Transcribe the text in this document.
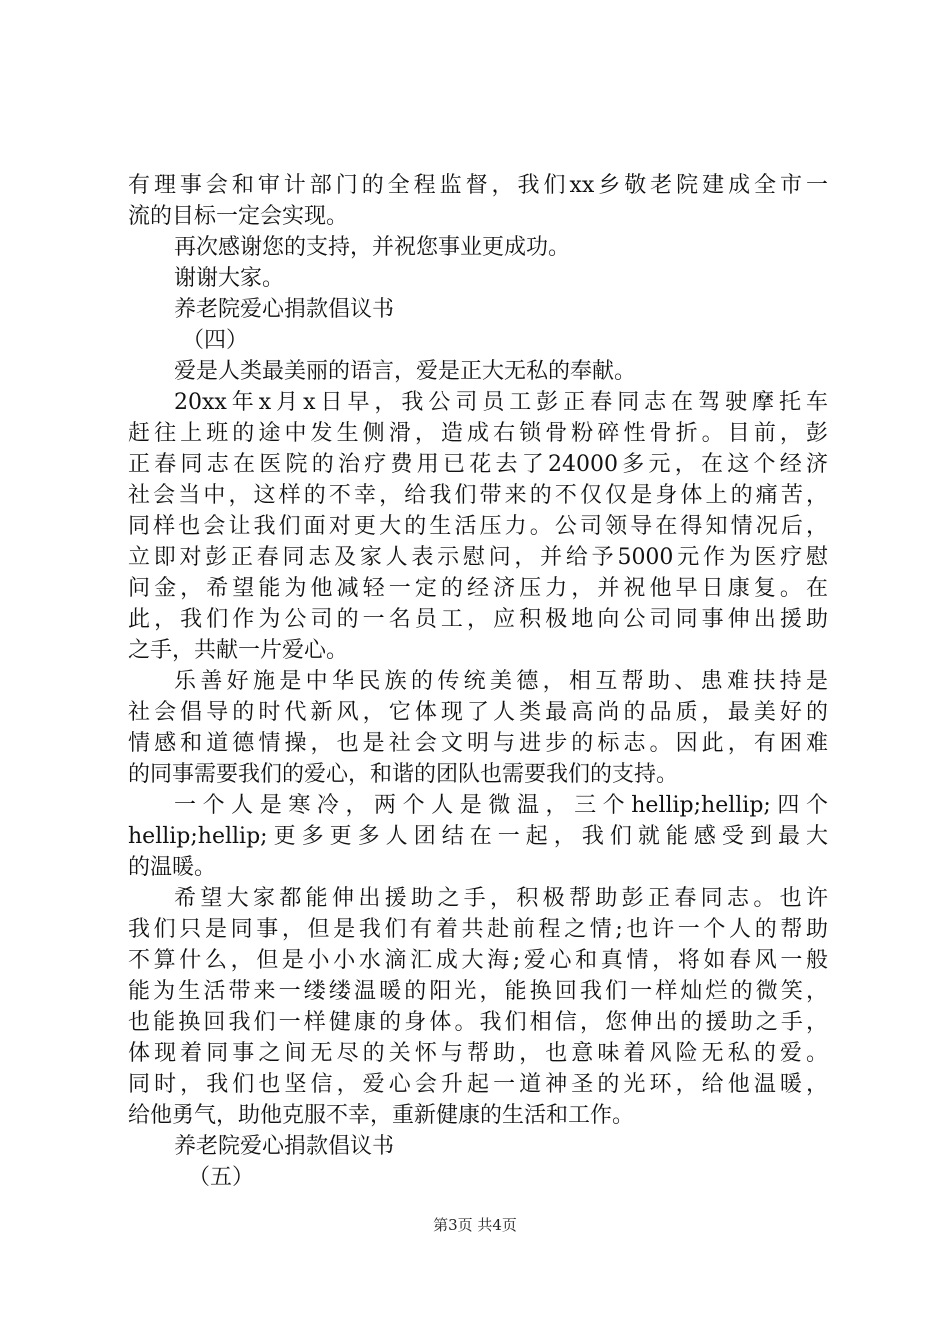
有理事会和审计部门的全程监督，我们xx乡敬老院建成全市一
流的目标一定会实现。
再次感谢您的支持，并祝您事业更成功。
谢谢大家。
养老院爱心捐款倡议书
（四）
爱是人类最美丽的语言，爱是正大无私的奉献。
20xx年x月x日早，我公司员工彭正春同志在驾驶摩托车
赶往上班的途中发生侧滑，造成右锁骨粉碎性骨折。目前，彭
正春同志在医院的治疗费用已花去了24000多元，在这个经济
社会当中，这样的不幸，给我们带来的不仅仅是身体上的痛苦，
同样也会让我们面对更大的生活压力。公司领导在得知情况后，
立即对彭正春同志及家人表示慰问，并给予5000元作为医疗慰
问金，希望能为他减轻一定的经济压力，并祝他早日康复。在
此，我们作为公司的一名员工，应积极地向公司同事伸出援助
之手，共献一片爱心。
乐善好施是中华民族的传统美德，相互帮助、患难扶持是
社会倡导的时代新风，它体现了人类最高尚的品质，最美好的
情感和道德情操，也是社会文明与进步的标志。因此，有困难
的同事需要我们的爱心，和谐的团队也需要我们的支持。
一个人是寒冷，两个人是微温，三个hellip;hellip;四个
hellip;hellip;更多更多人团结在一起，我们就能感受到最大
的温暖。
希望大家都能伸出援助之手，积极帮助彭正春同志。也许
我们只是同事，但是我们有着共赴前程之情;也许一个人的帮助
不算什么，但是小小水滴汇成大海;爱心和真情，将如春风一般
能为生活带来一缕缕温暖的阳光，能换回我们一样灿烂的微笑，
也能换回我们一样健康的身体。我们相信，您伸出的援助之手，
体现着同事之间无尽的关怀与帮助，也意味着风险无私的爱。
同时，我们也坚信，爱心会升起一道神圣的光环，给他温暖，
给他勇气，助他克服不幸，重新健康的生活和工作。
养老院爱心捐款倡议书
（五）
第3页 共4页
